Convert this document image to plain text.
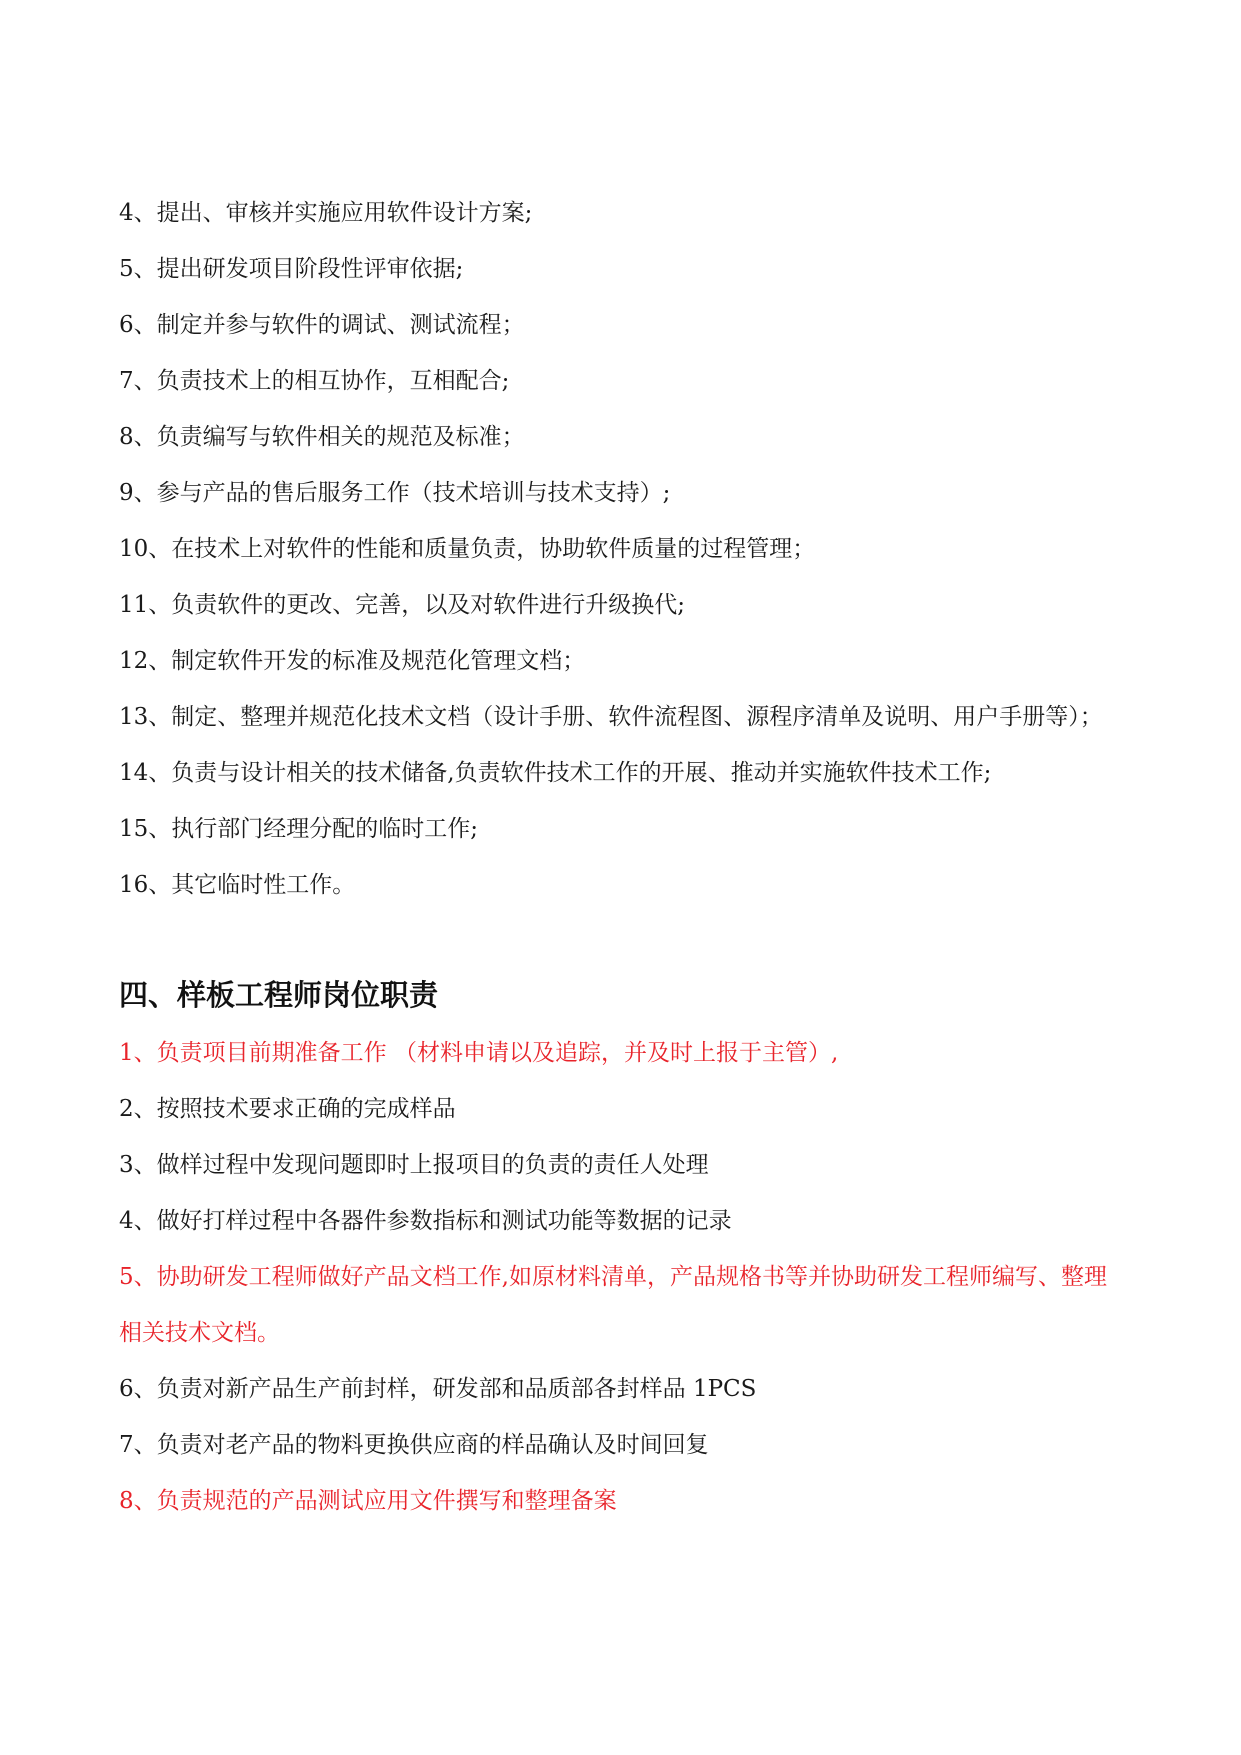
4、提出、审核并实施应用软件设计方案;
5、提出研发项目阶段性评审依据;
6、制定并参与软件的调试、测试流程；
7、负责技术上的相互协作，互相配合;
8、负责编写与软件相关的规范及标准；
9、参与产品的售后服务工作（技术培训与技术支持）;
10、在技术上对软件的性能和质量负责，协助软件质量的过程管理；
11、负责软件的更改、完善，以及对软件进行升级换代;
12、制定软件开发的标准及规范化管理文档；
13、制定、整理并规范化技术文档（设计手册、软件流程图、源程序清单及说明、用户手册等）；
14、负责与设计相关的技术储备,负责软件技术工作的开展、推动并实施软件技术工作;
15、执行部门经理分配的临时工作;
16、其它临时性工作。
四、样板工程师岗位职责
1、负责项目前期准备工作 （材料申请以及追踪，并及时上报于主管）,
2、按照技术要求正确的完成样品
3、做样过程中发现问题即时上报项目的负责的责任人处理
4、做好打样过程中各器件参数指标和测试功能等数据的记录
5、协助研发工程师做好产品文档工作,如原材料清单，产品规格书等并协助研发工程师编写、整理相关技术文档。
6、负责对新产品生产前封样，研发部和品质部各封样品 1PCS
7、负责对老产品的物料更换供应商的样品确认及时间回复
8、负责规范的产品测试应用文件撰写和整理备案
